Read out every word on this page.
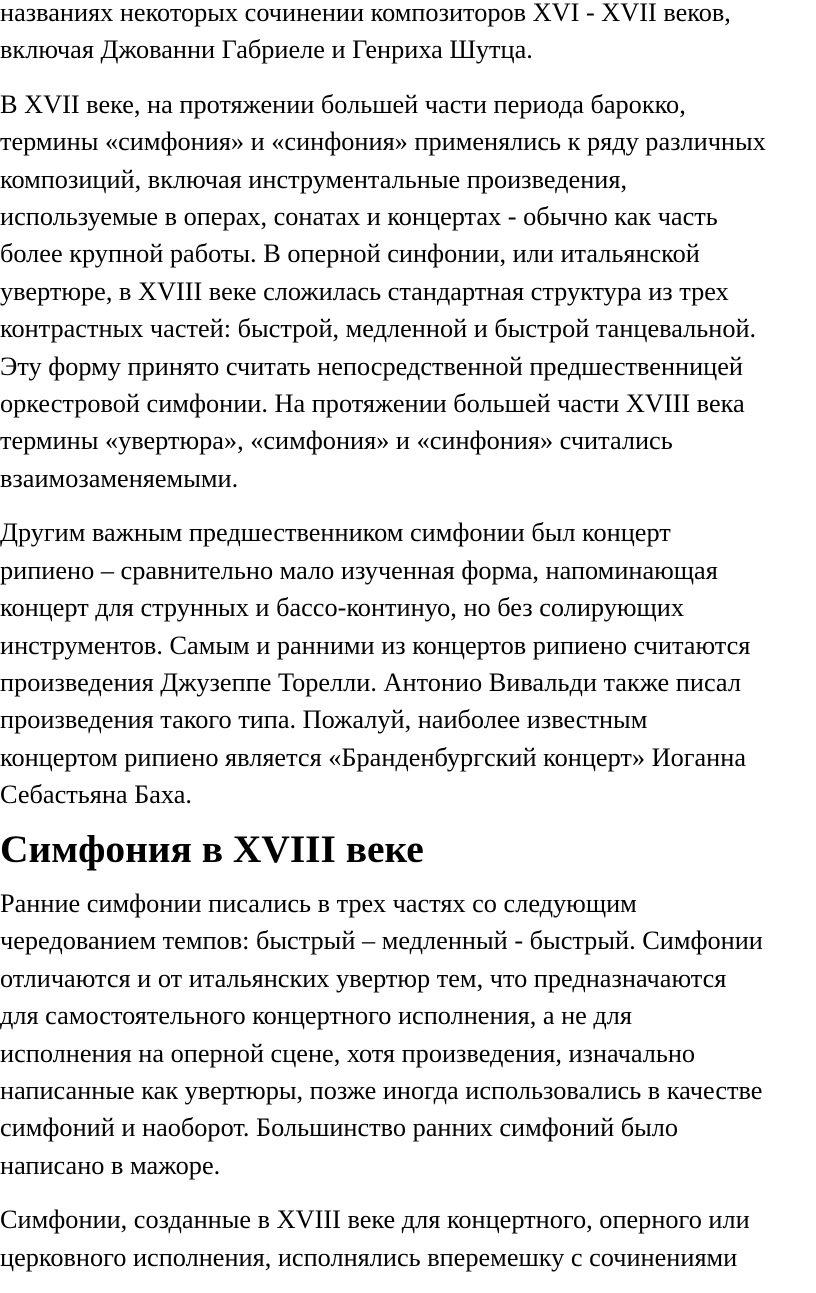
названиях некоторых сочинении композиторов XVI - XVII веков,
включая Джованни Габриеле и Генриха Шутца.

В XVII веке, на протяжении большей части периода барокко,
термины «симфония» и «синфония» применялись к ряду различных
композиций, включая инструментальные произведения,
используемые в операх, сонатах и концертах - обычно как часть
более крупной работы. В оперной синфонии, или итальянской
увертюре, в XVIII веке сложилась стандартная структура из трех
контрастных частей: быстрой, медленной и быстрой танцевальной.
Эту форму принято считать непосредственной предшественницей
оркестровой симфонии. На протяжении большей части XVIII века
термины «увертюра», «симфония» и «синфония» считались
взаимозаменяемыми.

Другим важным предшественником симфонии был концерт
рипиено – сравнительно мало изученная форма, напоминающая
концерт для струнных и бассо-континуо, но без солирующих
инструментов. Самым и ранними из концертов рипиено считаются
произведения Джузеппе Торелли. Антонио Вивальди также писал
произведения такого типа. Пожалуй, наиболее известным
концертом рипиено является «Бранденбургский концерт» Иоганна
Себастьяна Баха.

Симфония в XVIII веке

Ранние симфонии писались в трех частях со следующим
чередованием темпов: быстрый – медленный - быстрый. Симфонии
отличаются и от итальянских увертюр тем, что предназначаются
для самостоятельного концертного исполнения, а не для
исполнения на оперной сцене, хотя произведения, изначально
написанные как увертюры, позже иногда использовались в качестве
симфоний и наоборот. Большинство ранних симфоний было
написано в мажоре.

Симфонии, созданные в XVIII веке для концертного, оперного или
церковного исполнения, исполнялись вперемешку с сочинениями
